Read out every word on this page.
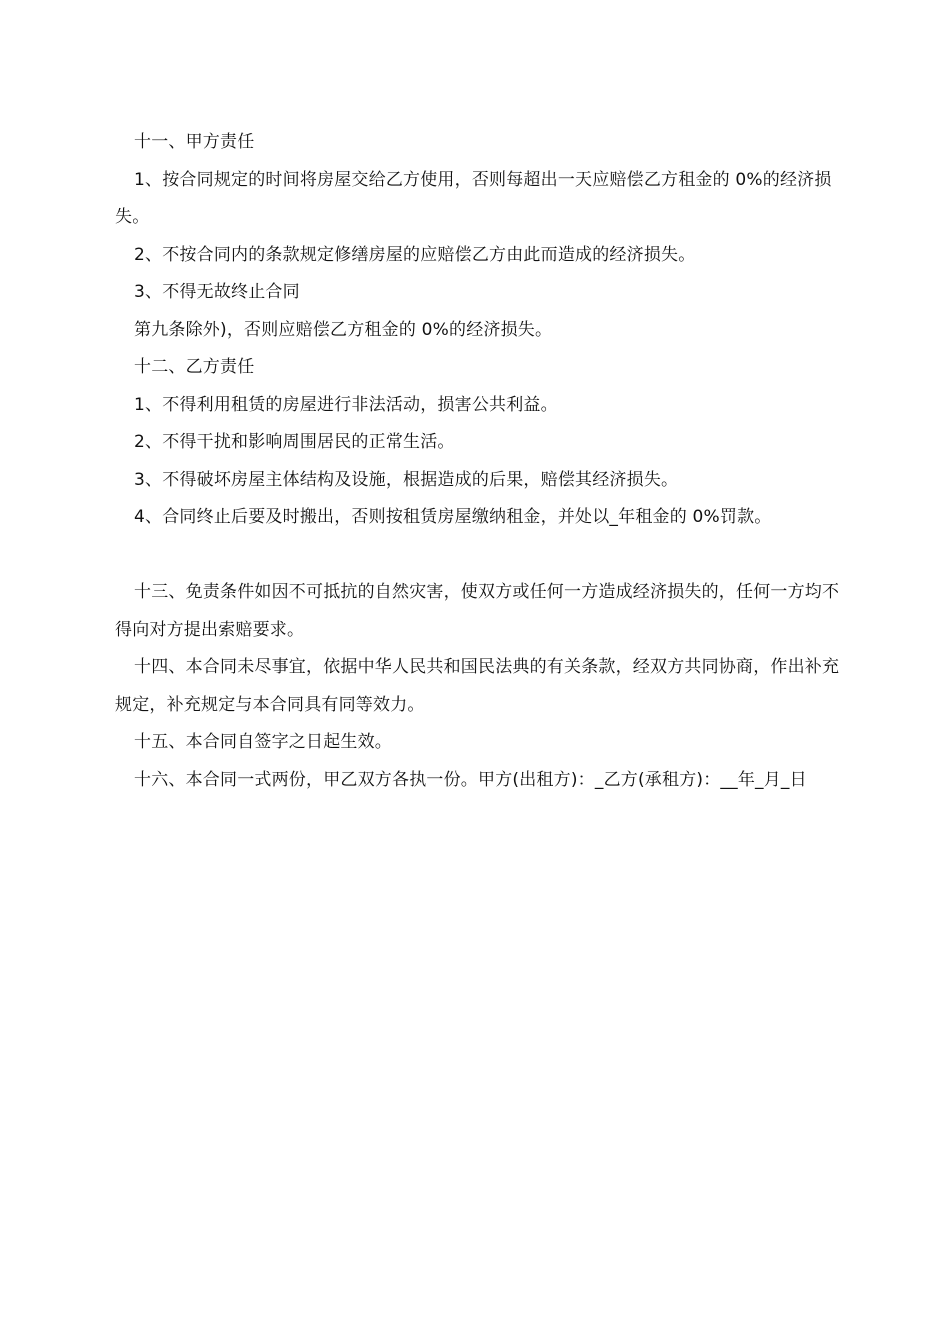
十一、甲方责任

1、按合同规定的时间将房屋交给乙方使用，否则每超出一天应赔偿乙方租金的 0%的经济损失。

2、不按合同内的条款规定修缮房屋的应赔偿乙方由此而造成的经济损失。

3、不得无故终止合同

第九条除外)，否则应赔偿乙方租金的 0%的经济损失。

十二、乙方责任

1、不得利用租赁的房屋进行非法活动，损害公共利益。

2、不得干扰和影响周围居民的正常生活。

3、不得破坏房屋主体结构及设施，根据造成的后果，赔偿其经济损失。

4、合同终止后要及时搬出，否则按租赁房屋缴纳租金，并处以_年租金的 0%罚款。

十三、免责条件如因不可抵抗的自然灾害，使双方或任何一方造成经济损失的，任何一方均不得向对方提出索赔要求。

十四、本合同未尽事宜，依据中华人民共和国民法典的有关条款，经双方共同协商，作出补充规定，补充规定与本合同具有同等效力。

十五、本合同自签字之日起生效。

十六、本合同一式两份，甲乙双方各执一份。甲方(出租方)：_乙方(承租方)：__年_月_日
